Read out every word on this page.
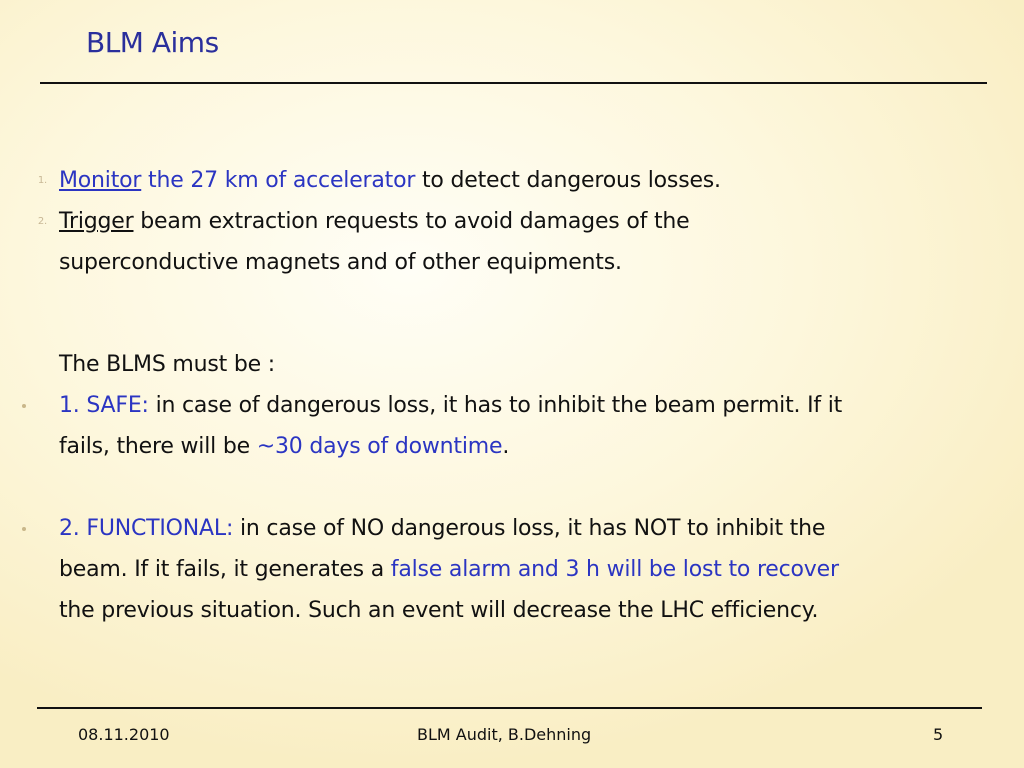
BLM Aims
1. Monitor the 27 km of accelerator to detect dangerous losses.
2. Trigger beam extraction requests to avoid damages of the
superconductive magnets and of other equipments.
The BLMS must be :
1. SAFE: in case of dangerous loss, it has to inhibit the beam permit. If it
fails, there will be ~30 days of downtime.
2. FUNCTIONAL: in case of NO dangerous loss, it has NOT to inhibit the
beam. If it fails, it generates a false alarm and 3 h will be lost to recover
the previous situation. Such an event will decrease the LHC efficiency.
08.11.2010	BLM Audit, B.Dehning	5
